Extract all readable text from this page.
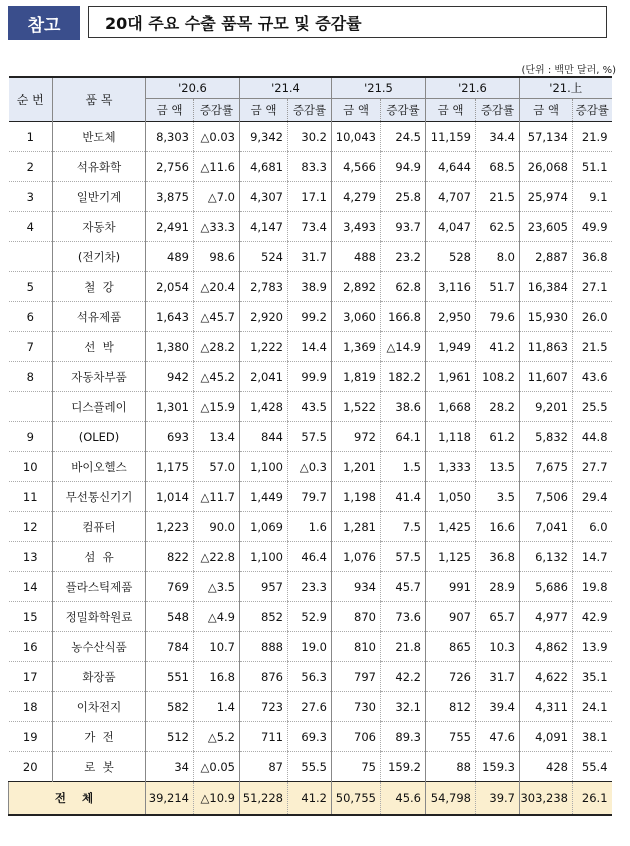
참고	20대 주요 수출 품목 규모 및 증감률
(단위 : 백만 달러, %)
순 번	품 목	'20.6		'21.4		'21.5		'21.6		'21.上	
		금 액	증감률	금 액	증감률	금 액	증감률	금 액	증감률	금 액	증감률
1	반도체	8,303	△0.03	9,342	30.2	10,043	24.5	11,159	34.4	57,134	21.9
2	석유화학	2,756	△11.6	4,681	83.3	4,566	94.9	4,644	68.5	26,068	51.1
3	일반기계	3,875	△7.0	4,307	17.1	4,279	25.8	4,707	21.5	25,974	9.1
4	자동차	2,491	△33.3	4,147	73.4	3,493	93.7	4,047	62.5	23,605	49.9
	(전기차)	489	98.6	524	31.7	488	23.2	528	8.0	2,887	36.8
5	철  강	2,054	△20.4	2,783	38.9	2,892	62.8	3,116	51.7	16,384	27.1
6	석유제품	1,643	△45.7	2,920	99.2	3,060	166.8	2,950	79.6	15,930	26.0
7	선  박	1,380	△28.2	1,222	14.4	1,369	△14.9	1,949	41.2	11,863	21.5
8	자동차부품	942	△45.2	2,041	99.9	1,819	182.2	1,961	108.2	11,607	43.6
	디스플레이	1,301	△15.9	1,428	43.5	1,522	38.6	1,668	28.2	9,201	25.5
9	(OLED)	693	13.4	844	57.5	972	64.1	1,118	61.2	5,832	44.8
10	바이오헬스	1,175	57.0	1,100	△0.3	1,201	1.5	1,333	13.5	7,675	27.7
11	무선통신기기	1,014	△11.7	1,449	79.7	1,198	41.4	1,050	3.5	7,506	29.4
12	컴퓨터	1,223	90.0	1,069	1.6	1,281	7.5	1,425	16.6	7,041	6.0
13	섬  유	822	△22.8	1,100	46.4	1,076	57.5	1,125	36.8	6,132	14.7
14	플라스틱제품	769	△3.5	957	23.3	934	45.7	991	28.9	5,686	19.8
15	정밀화학원료	548	△4.9	852	52.9	870	73.6	907	65.7	4,977	42.9
16	농수산식품	784	10.7	888	19.0	810	21.8	865	10.3	4,862	13.9
17	화장품	551	16.8	876	56.3	797	42.2	726	31.7	4,622	35.1
18	이차전지	582	1.4	723	27.6	730	32.1	812	39.4	4,311	24.1
19	가  전	512	△5.2	711	69.3	706	89.3	755	47.6	4,091	38.1
20	로  봇	34	△0.05	87	55.5	75	159.2	88	159.3	428	55.4
전 체		39,214	△10.9	51,228	41.2	50,755	45.6	54,798	39.7	303,238	26.1
